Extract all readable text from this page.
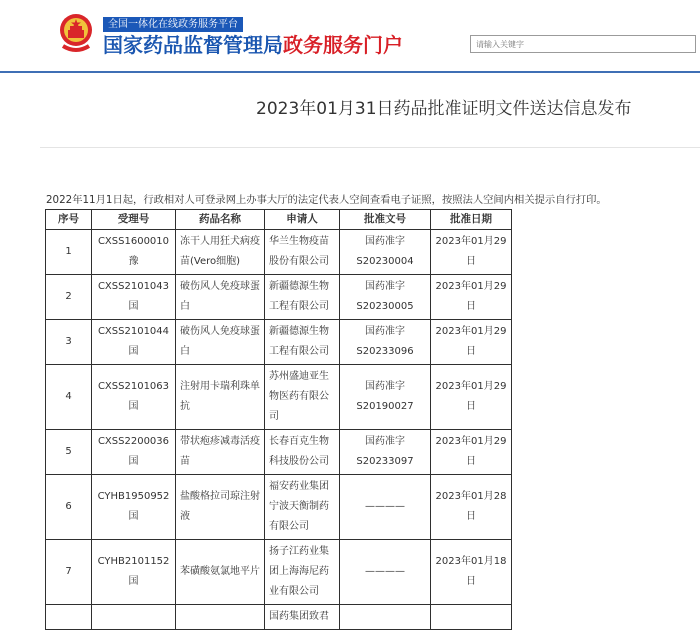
全国一体化在线政务服务平台
国家药品监督管理局政务服务门户
请输入关键字
2023年01月31日药品批准证明文件送达信息发布
2022年11月1日起，行政相对人可登录网上办事大厅的法定代表人空间查看电子证照，按照法人空间内相关提示自行打印。
序号	受理号	药品名称	申请人	批准文号	批准日期
1	CXSS1600010豫	冻干人用狂犬病疫苗(Vero细胞)	华兰生物疫苗股份有限公司	国药准字S20230004	2023年01月29日
2	CXSS2101043国	破伤风人免疫球蛋白	新疆德源生物工程有限公司	国药准字S20230005	2023年01月29日
3	CXSS2101044国	破伤风人免疫球蛋白	新疆德源生物工程有限公司	国药准字S20233096	2023年01月29日
4	CXSS2101063国	注射用卡瑞利珠单抗	苏州盛迪亚生物医药有限公司	国药准字S20190027	2023年01月29日
5	CXSS2200036国	带状疱疹减毒活疫苗	长春百克生物科技股份公司	国药准字S20233097	2023年01月29日
6	CYHB1950952国	盐酸格拉司琼注射液	福安药业集团宁波天衡制药有限公司	————	2023年01月28日
7	CYHB2101152国	苯磺酸氨氯地平片	扬子江药业集团上海海尼药业有限公司	————	2023年01月18日
			国药集团致君		
